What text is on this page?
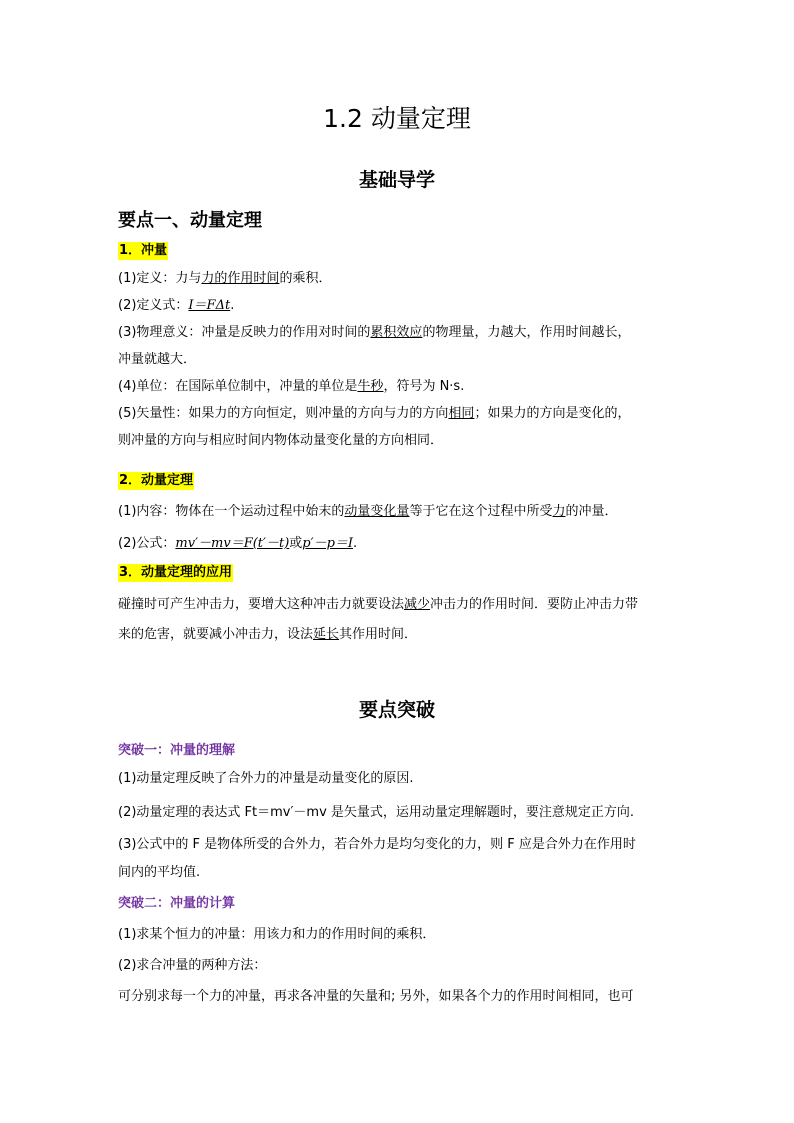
1.2 动量定理
基础导学
要点一、动量定理
1．冲量
(1)定义：力与力的作用时间的乘积．
(2)定义式：I＝FΔt.
(3)物理意义：冲量是反映力的作用对时间的累积效应的物理量，力越大，作用时间越长，
冲量就越大．
(4)单位：在国际单位制中，冲量的单位是牛秒，符号为 N·s.
(5)矢量性：如果力的方向恒定，则冲量的方向与力的方向相同；如果力的方向是变化的，
则冲量的方向与相应时间内物体动量变化量的方向相同．
2．动量定理
(1)内容：物体在一个运动过程中始末的动量变化量等于它在这个过程中所受力的冲量．
(2)公式：mv′－mv＝F(t′－t)或p′－p＝I.
3．动量定理的应用
碰撞时可产生冲击力，要增大这种冲击力就要设法减少冲击力的作用时间．要防止冲击力带
来的危害，就要减小冲击力，设法延长其作用时间．
要点突破
突破一：冲量的理解
(1)动量定理反映了合外力的冲量是动量变化的原因.
(2)动量定理的表达式 Ft＝mv′－mv 是矢量式，运用动量定理解题时，要注意规定正方向.
(3)公式中的 F 是物体所受的合外力，若合外力是均匀变化的力，则 F 应是合外力在作用时
间内的平均值.
突破二：冲量的计算
(1)求某个恒力的冲量：用该力和力的作用时间的乘积．
(2)求合冲量的两种方法：
可分别求每一个力的冲量，再求各冲量的矢量和; 另外，如果各个力的作用时间相同，也可
